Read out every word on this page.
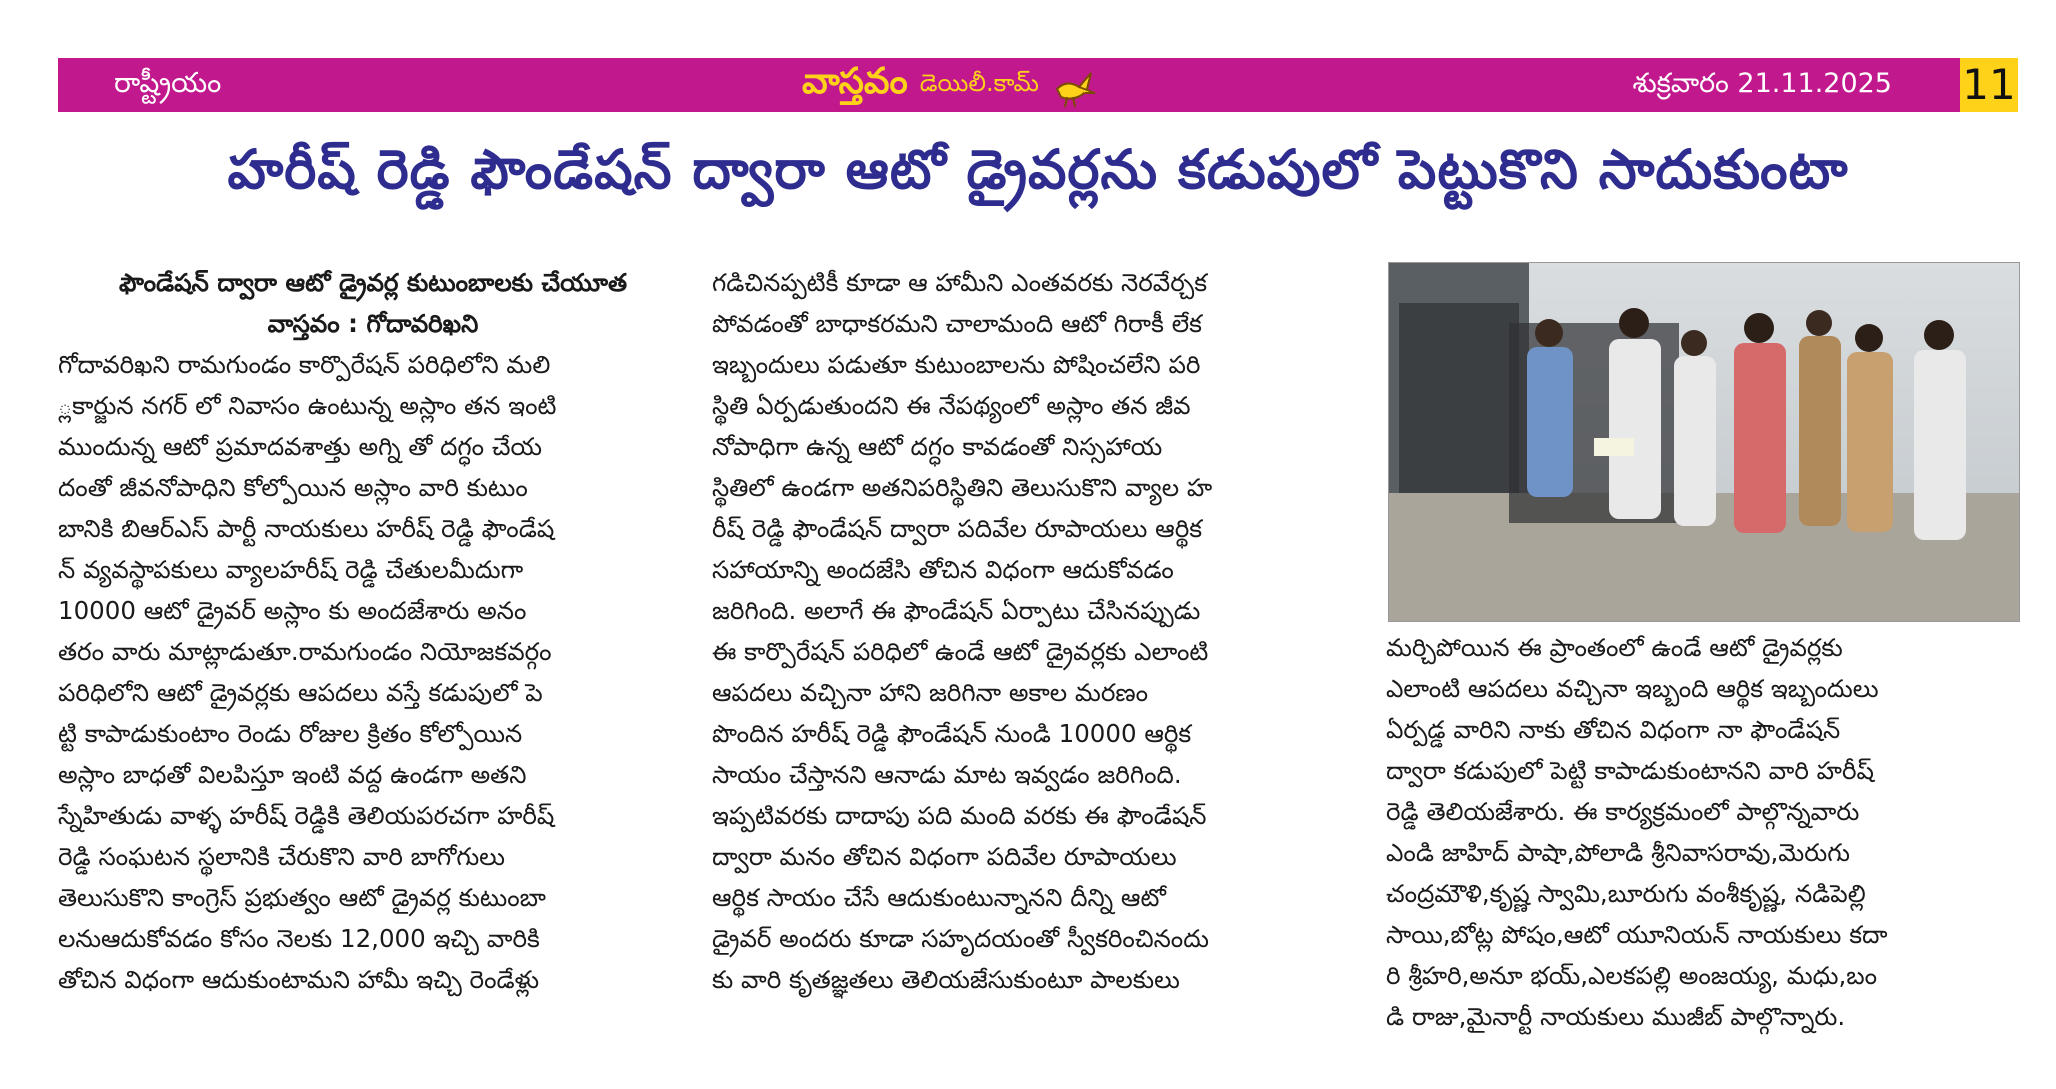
రాష్ట్రీయం	వాస్తవం డెయిలీ.కామ్	శుక్రవారం 21.11.2025 11
హరీష్ రెడ్డి ఫౌండేషన్ ద్వారా ఆటో డ్రైవర్లను కడుపులో పెట్టుకొని సాదుకుంటా
ఫౌండేషన్ ద్వారా ఆటో డ్రైవర్ల కుటుంబాలకు చేయూత
వాస్తవం : గోదావరిఖని
గోదావరిఖని రామగుండం కార్పొరేషన్ పరిధిలోని మలి
్లకార్జున నగర్ లో నివాసం ఉంటున్న అస్లాం తన ఇంటి
ముందున్న ఆటో ప్రమాదవశాత్తు అగ్ని తో దగ్ధం చేయ
దంతో జీవనోపాధిని కోల్పోయిన అస్లాం వారి కుటుం
బానికి బిఆర్ఎస్ పార్టీ నాయకులు హరీష్ రెడ్డి ఫౌండేష
న్ వ్యవస్థాపకులు వ్యాలహరీష్ రెడ్డి చేతులమీదుగా
10000 ఆటో డ్రైవర్ అస్లాం కు అందజేశారు అనం
తరం వారు మాట్లాడుతూ.రామగుండం నియోజకవర్గం
పరిధిలోని ఆటో డ్రైవర్లకు ఆపదలు వస్తే కడుపులో పె
ట్టి కాపాడుకుంటాం రెండు రోజుల క్రితం కోల్పోయిన
అస్లాం బాధతో విలపిస్తూ ఇంటి వద్ద ఉండగా అతని
స్నేహితుడు వాళ్ళ హరీష్ రెడ్డికి తెలియపరచగా హరీష్
రెడ్డి సంఘటన స్థలానికి చేరుకొని వారి బాగోగులు
తెలుసుకొని కాంగ్రెస్ ప్రభుత్వం ఆటో డ్రైవర్ల కుటుంబా
లనుఆదుకోవడం కోసం నెలకు 12,000 ఇచ్చి వారికి
తోచిన విధంగా ఆదుకుంటామని హామీ ఇచ్చి రెండేళ్లు
గడిచినప్పటికీ కూడా ఆ హామీని ఎంతవరకు నెరవేర్చక
పోవడంతో బాధాకరమని చాలామంది ఆటో గిరాకీ లేక
ఇబ్బందులు పడుతూ కుటుంబాలను పోషించలేని పరి
స్థితి ఏర్పడుతుందని ఈ నేపథ్యంలో అస్లాం తన జీవ
నోపాధిగా ఉన్న ఆటో దగ్ధం కావడంతో నిస్సహాయ
స్థితిలో ఉండగా అతనిపరిస్థితిని తెలుసుకొని వ్యాల హ
రీష్ రెడ్డి ఫౌండేషన్ ద్వారా పదివేల రూపాయలు ఆర్థిక
సహాయాన్ని అందజేసి తోచిన విధంగా ఆదుకోవడం
జరిగింది. అలాగే ఈ ఫౌండేషన్ ఏర్పాటు చేసినప్పుడు
ఈ కార్పొరేషన్ పరిధిలో ఉండే ఆటో డ్రైవర్లకు ఎలాంటి
ఆపదలు వచ్చినా హాని జరిగినా అకాల మరణం
పొందిన హరీష్ రెడ్డి ఫౌండేషన్ నుండి 10000 ఆర్థిక
సాయం చేస్తానని ఆనాడు మాట ఇవ్వడం జరిగింది.
ఇప్పటివరకు దాదాపు పది మంది వరకు ఈ ఫౌండేషన్
ద్వారా మనం తోచిన విధంగా పదివేల రూపాయలు
ఆర్థిక సాయం చేసే ఆదుకుంటున్నానని దీన్ని ఆటో
డ్రైవర్ అందరు కూడా సహృదయంతో స్వీకరించినందు
కు వారి కృతజ్ఞతలు తెలియజేసుకుంటూ పాలకులు
మర్చిపోయిన ఈ ప్రాంతంలో ఉండే ఆటో డ్రైవర్లకు
ఎలాంటి ఆపదలు వచ్చినా ఇబ్బంది ఆర్థిక ఇబ్బందులు
ఏర్పడ్డ వారిని నాకు తోచిన విధంగా నా ఫౌండేషన్
ద్వారా కడుపులో పెట్టి కాపాడుకుంటానని వారి హరీష్
రెడ్డి తెలియజేశారు. ఈ కార్యక్రమంలో పాల్గొన్నవారు
ఎండి జాహిద్ పాషా,పోలాడి శ్రీనివాసరావు,మెరుగు
చంద్రమౌళి,కృష్ణ స్వామి,బూరుగు వంశీకృష్ణ, నడిపెల్లి
సాయి,బోట్ల పోషం,ఆటో యూనియన్ నాయకులు కదా
రి శ్రీహరి,అనూ భయ్,ఎలకపల్లి అంజయ్య, మధు,బం
డి రాజు,మైనార్టీ నాయకులు ముజీబ్ పాల్గొన్నారు.
